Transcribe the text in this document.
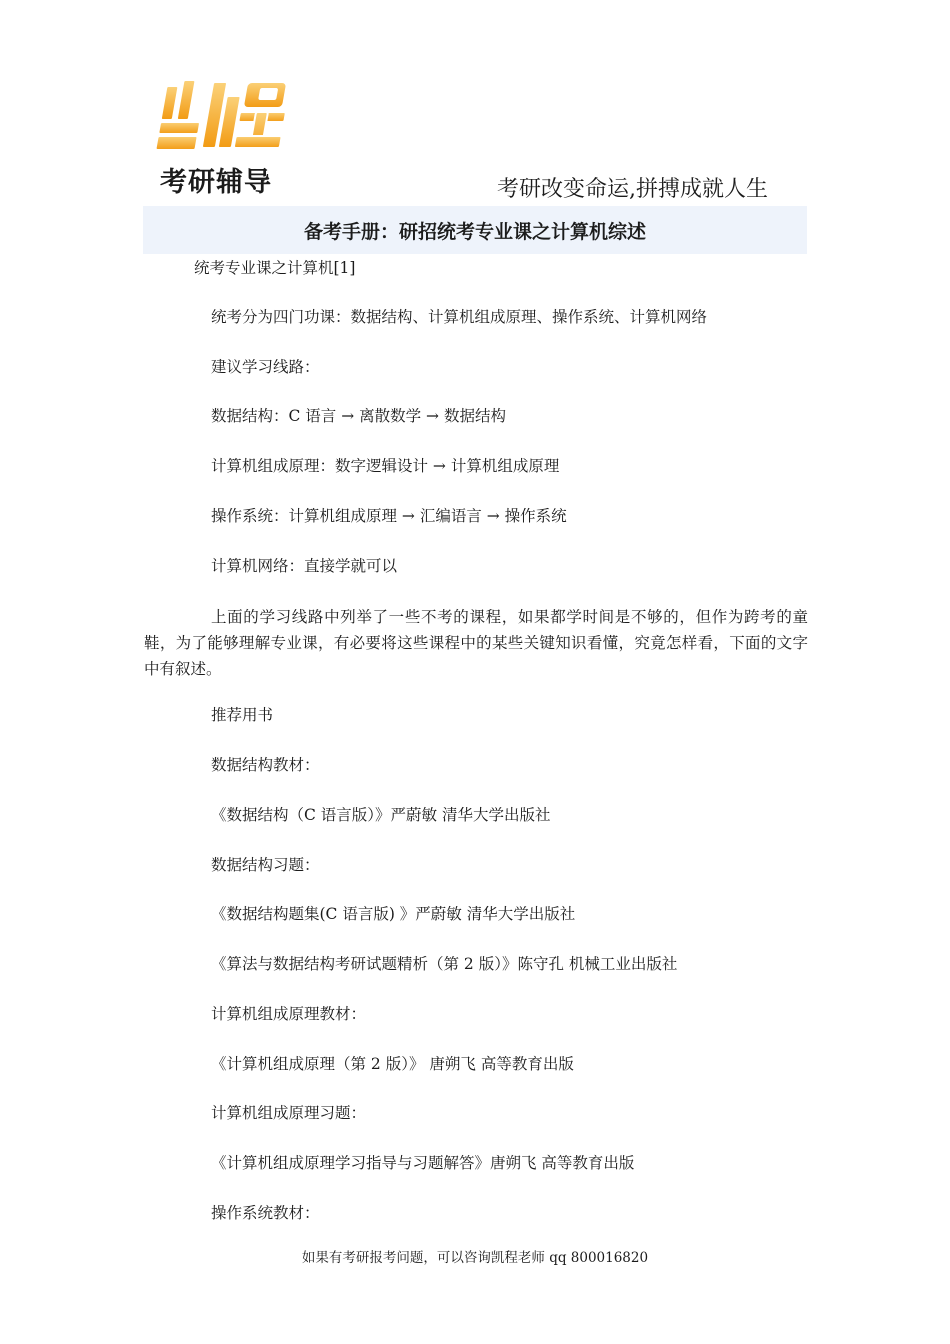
考研辅导	考研改变命运,拼搏成就人生
备考手册：研招统考专业课之计算机综述
统考专业课之计算机[1]
统考分为四门功课：数据结构、计算机组成原理、操作系统、计算机网络
建议学习线路：
数据结构：C 语言 → 离散数学 → 数据结构
计算机组成原理：数字逻辑设计 → 计算机组成原理
操作系统：计算机组成原理 → 汇编语言 → 操作系统
计算机网络：直接学就可以
上面的学习线路中列举了一些不考的课程，如果都学时间是不够的，但作为跨考的童鞋，为了能够理解专业课，有必要将这些课程中的某些关键知识看懂，究竟怎样看，下面的文字中有叙述。
推荐用书
数据结构教材：
《数据结构（C 语言版）》严蔚敏 清华大学出版社
数据结构习题：
《数据结构题集(C 语言版) 》严蔚敏 清华大学出版社
《算法与数据结构考研试题精析（第 2 版）》陈守孔 机械工业出版社
计算机组成原理教材：
《计算机组成原理（第 2 版）》 唐朔飞 高等教育出版
计算机组成原理习题：
《计算机组成原理学习指导与习题解答》唐朔飞 高等教育出版
操作系统教材：
如果有考研报考问题，可以咨询凯程老师 qq 800016820
